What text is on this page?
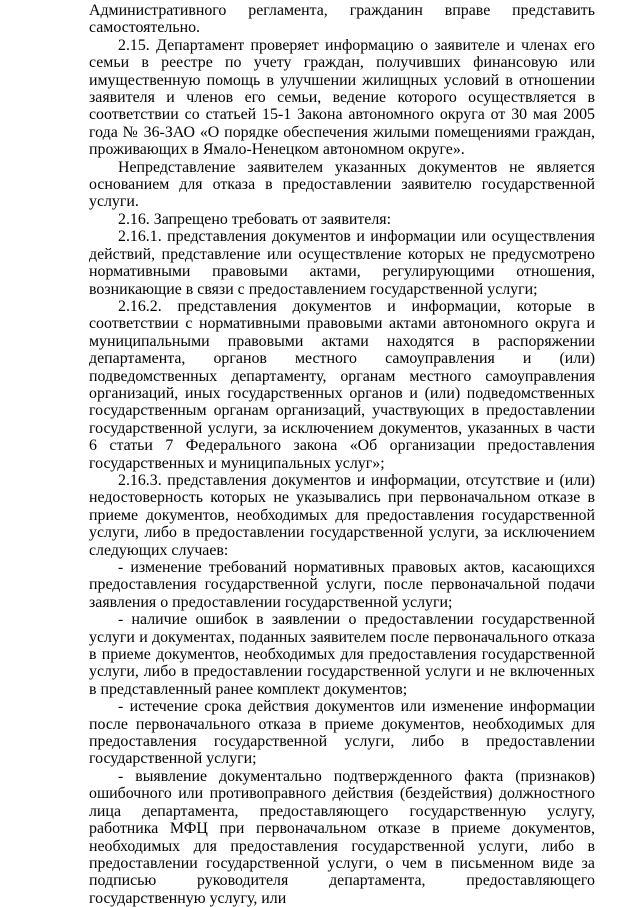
Административного регламента, гражданин вправе представить самостоятельно.

2.15. Департамент проверяет информацию о заявителе и членах его семьи в реестре по учету граждан, получивших финансовую или имущественную помощь в улучшении жилищных условий в отношении заявителя и членов его семьи, ведение которого осуществляется в соответствии со статьей 15-1 Закона автономного округа от 30 мая 2005 года № 36-ЗАО «О порядке обеспечения жилыми помещениями граждан, проживающих в Ямало-Ненецком автономном округе».

Непредставление заявителем указанных документов не является основанием для отказа в предоставлении заявителю государственной услуги.

2.16. Запрещено требовать от заявителя:

2.16.1. представления документов и информации или осуществления действий, представление или осуществление которых не предусмотрено нормативными правовыми актами, регулирующими отношения, возникающие в связи с предоставлением государственной услуги;

2.16.2. представления документов и информации, которые в соответствии с нормативными правовыми актами автономного округа и муниципальными правовыми актами находятся в распоряжении департамента, органов местного самоуправления и (или) подведомственных департаменту, органам местного самоуправления организаций, иных государственных органов и (или) подведомственных государственным органам организаций, участвующих в предоставлении государственной услуги, за исключением документов, указанных в части 6 статьи 7 Федерального закона «Об организации предоставления государственных и муниципальных услуг»;

2.16.3. представления документов и информации, отсутствие и (или) недостоверность которых не указывались при первоначальном отказе в приеме документов, необходимых для предоставления государственной услуги, либо в предоставлении государственной услуги, за исключением следующих случаев:

- изменение требований нормативных правовых актов, касающихся предоставления государственной услуги, после первоначальной подачи заявления о предоставлении государственной услуги;

- наличие ошибок в заявлении о предоставлении государственной услуги и документах, поданных заявителем после первоначального отказа в приеме документов, необходимых для предоставления государственной услуги, либо в предоставлении государственной услуги и не включенных в представленный ранее комплект документов;

- истечение срока действия документов или изменение информации после первоначального отказа в приеме документов, необходимых для предоставления государственной услуги, либо в предоставлении государственной услуги;

- выявление документально подтвержденного факта (признаков) ошибочного или противоправного действия (бездействия) должностного лица департамента, предоставляющего государственную услугу, работника МФЦ при первоначальном отказе в приеме документов, необходимых для предоставления государственной услуги, либо в предоставлении государственной услуги, о чем в письменном виде за подписью руководителя департамента, предоставляющего государственную услугу, или
